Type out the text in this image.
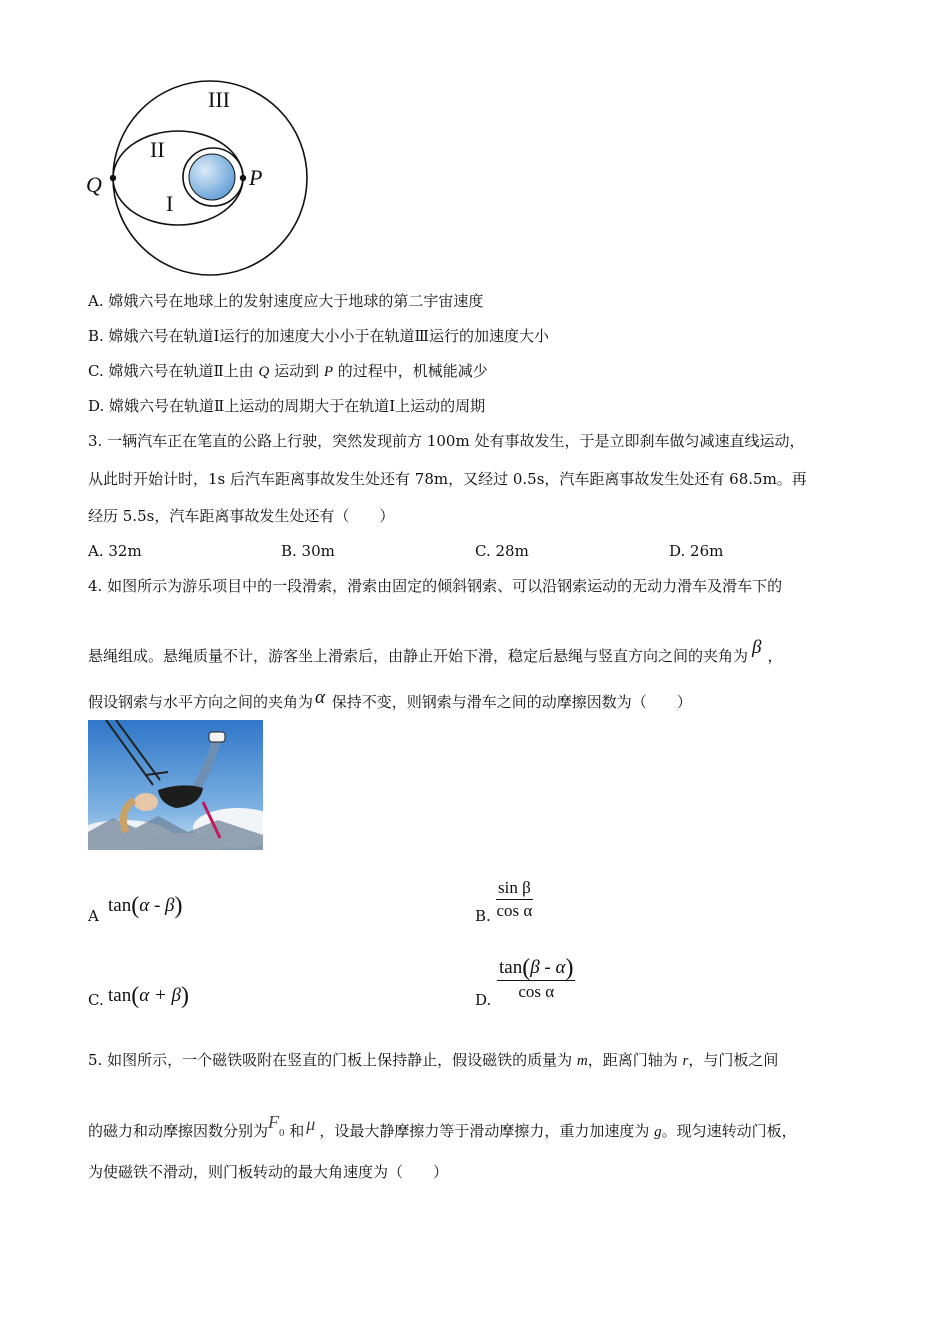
III
II
I
Q	P
A. 嫦娥六号在地球上的发射速度应大于地球的第二宇宙速度
B. 嫦娥六号在轨道Ⅰ运行的加速度大小小于在轨道Ⅲ运行的加速度大小
C. 嫦娥六号在轨道Ⅱ上由 Q 运动到 P 的过程中，机械能减少
D. 嫦娥六号在轨道Ⅱ上运动的周期大于在轨道Ⅰ上运动的周期
3. 一辆汽车正在笔直的公路上行驶，突然发现前方 100m 处有事故发生，于是立即刹车做匀减速直线运动，
从此时开始计时，1s 后汽车距离事故发生处还有 78m，又经过 0.5s，汽车距离事故发生处还有 68.5m。再
经历 5.5s，汽车距离事故发生处还有（　　）
A. 32m	B. 30m	C. 28m	D. 26m
4. 如图所示为游乐项目中的一段滑索，滑索由固定的倾斜钢索、可以沿钢索运动的无动力滑车及滑车下的
悬绳组成。悬绳质量不计，游客坐上滑索后，由静止开始下滑，稳定后悬绳与竖直方向之间的夹角为 β ，
假设钢索与水平方向之间的夹角为 α 保持不变，则钢索与滑车之间的动摩擦因数为（　　）
A tan(α - β)	B. $\frac{\text{sin β}}{\text{cos α}}$
C. tan(α + β)	D. $\frac{\tan(\beta - \alpha)}{\text{cos α}}$
5. 如图所示，一个磁铁吸附在竖直的门板上保持静止，假设磁铁的质量为 m，距离门轴为 r，与门板之间
的磁力和动摩擦因数分别为F0 和 μ ，设最大静摩擦力等于滑动摩擦力，重力加速度为 g。现匀速转动门板，
为使磁铁不滑动，则门板转动的最大角速度为（　　）
